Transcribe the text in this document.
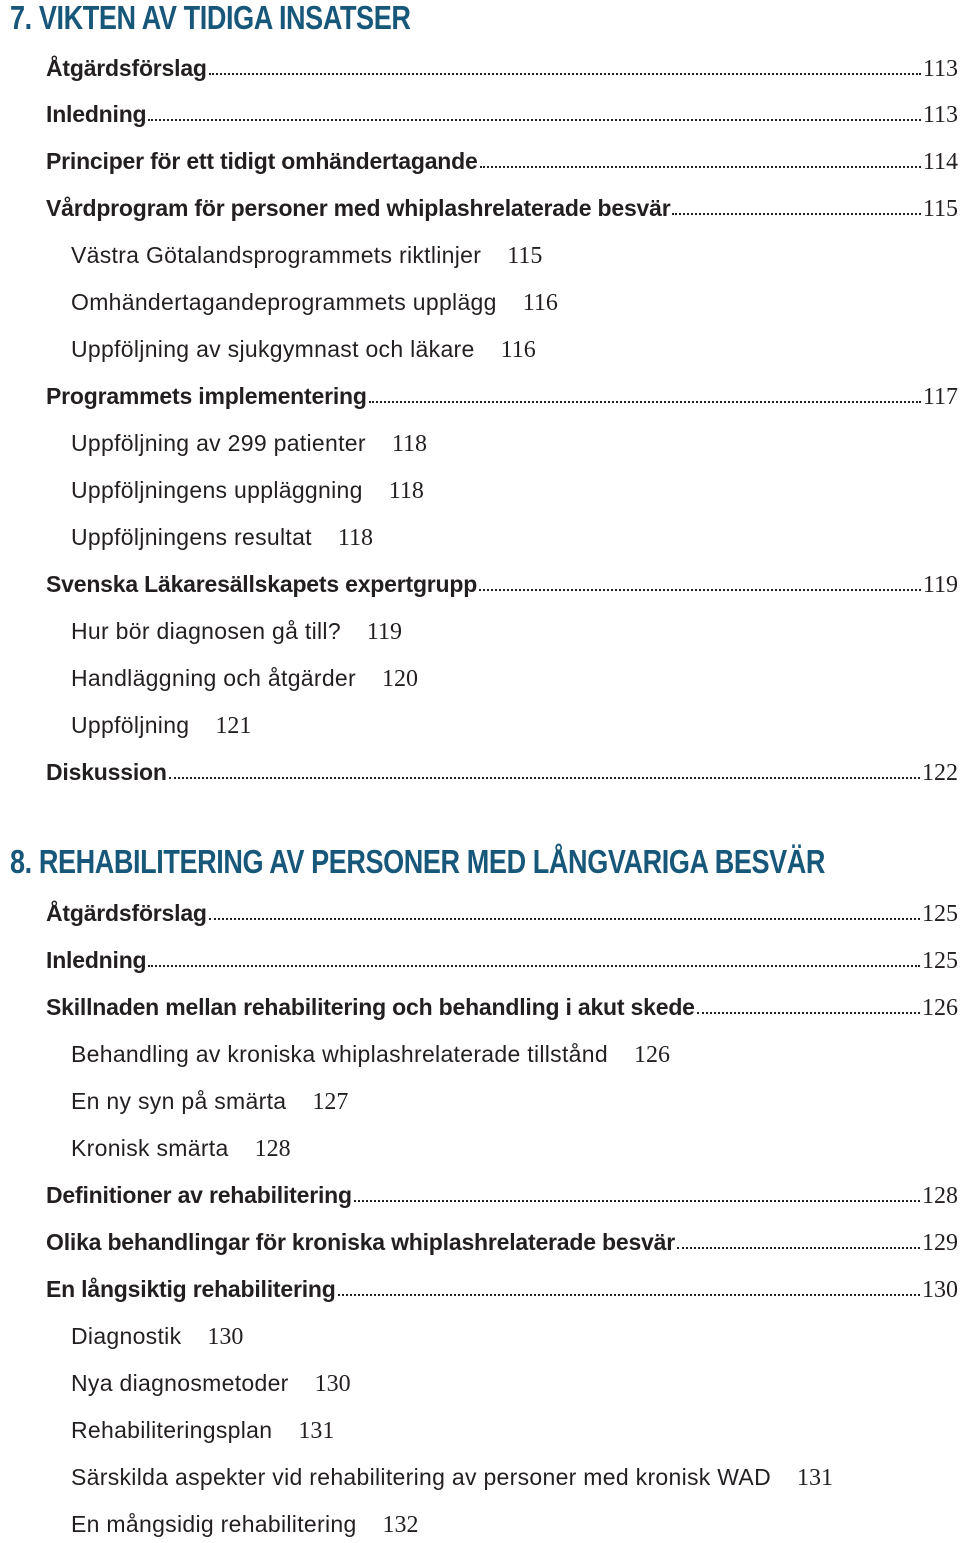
7. VIKTEN AV TIDIGA INSATSER
Åtgärdsförslag	113
Inledning	113
Principer för ett tidigt omhändertagande	114
Vårdprogram för personer med whiplashrelaterade besvär	115
Västra Götalandsprogrammets riktlinjer 115
Omhändertagandeprogrammets upplägg 116
Uppföljning av sjukgymnast och läkare 116
Programmets implementering	117
Uppföljning av 299 patienter 118
Uppföljningens uppläggning 118
Uppföljningens resultat 118
Svenska Läkaresällskapets expertgrupp	119
Hur bör diagnosen gå till? 119
Handläggning och åtgärder 120
Uppföljning 121
Diskussion	122
8. REHABILITERING AV PERSONER MED LÅNGVARIGA BESVÄR
Åtgärdsförslag	125
Inledning	125
Skillnaden mellan rehabilitering och behandling i akut skede	126
Behandling av kroniska whiplashrelaterade tillstånd 126
En ny syn på smärta 127
Kronisk smärta 128
Definitioner av rehabilitering	128
Olika behandlingar för kroniska whiplashrelaterade besvär	129
En långsiktig rehabilitering	130
Diagnostik 130
Nya diagnosmetoder 130
Rehabiliteringsplan 131
Särskilda aspekter vid rehabilitering av personer med kronisk WAD 131
En mångsidig rehabilitering 132
